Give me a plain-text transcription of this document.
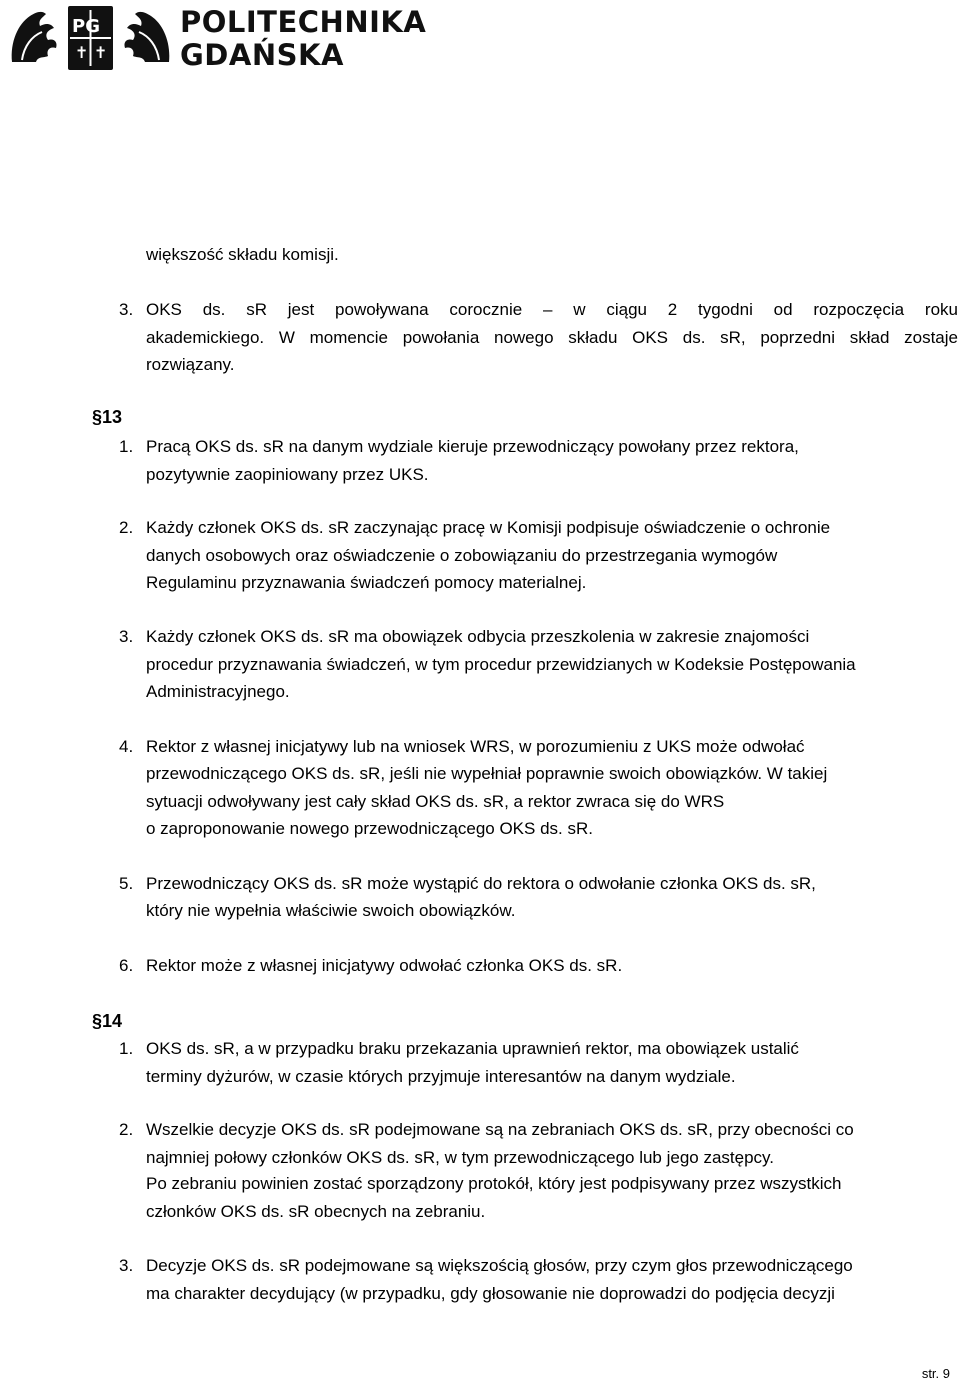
PG
✝
✝
POLITECHNIKA
GDAŃSKA
większość składu komisji.
3. OKS ds. sR jest powoływana corocznie – w ciągu 2 tygodni od rozpoczęcia roku
akademickiego. W momencie powołania nowego składu OKS ds. sR, poprzedni skład zostaje
rozwiązany.
§13
1. Pracą OKS ds. sR na danym wydziale kieruje przewodniczący powołany przez rektora,
pozytywnie zaopiniowany przez UKS.
2. Każdy członek OKS ds. sR zaczynając pracę w Komisji podpisuje oświadczenie o ochronie
danych osobowych oraz oświadczenie o zobowiązaniu do przestrzegania wymogów
Regulaminu przyznawania świadczeń pomocy materialnej.
3. Każdy członek OKS ds. sR ma obowiązek odbycia przeszkolenia w zakresie znajomości
procedur przyznawania świadczeń, w tym procedur przewidzianych w Kodeksie Postępowania
Administracyjnego.
4. Rektor z własnej inicjatywy lub na wniosek WRS, w porozumieniu z UKS może odwołać
przewodniczącego OKS ds. sR, jeśli nie wypełniał poprawnie swoich obowiązków. W takiej
sytuacji odwoływany jest cały skład OKS ds. sR, a rektor zwraca się do WRS
o zaproponowanie nowego przewodniczącego OKS ds. sR.
5. Przewodniczący OKS ds. sR może wystąpić do rektora o odwołanie członka OKS ds. sR,
który nie wypełnia właściwie swoich obowiązków.
6. Rektor może z własnej inicjatywy odwołać członka OKS ds. sR.
§14
1. OKS ds. sR, a w przypadku braku przekazania uprawnień rektor, ma obowiązek ustalić
terminy dyżurów, w czasie których przyjmuje interesantów na danym wydziale.
2. Wszelkie decyzje OKS ds. sR podejmowane są na zebraniach OKS ds. sR, przy obecności co
najmniej połowy członków OKS ds. sR, w tym przewodniczącego lub jego zastępcy.
Po zebraniu powinien zostać sporządzony protokół, który jest podpisywany przez wszystkich
członków OKS ds. sR obecnych na zebraniu.
3. Decyzje OKS ds. sR podejmowane są większością głosów, przy czym głos przewodniczącego
ma charakter decydujący (w przypadku, gdy głosowanie nie doprowadzi do podjęcia decyzji
str. 9
